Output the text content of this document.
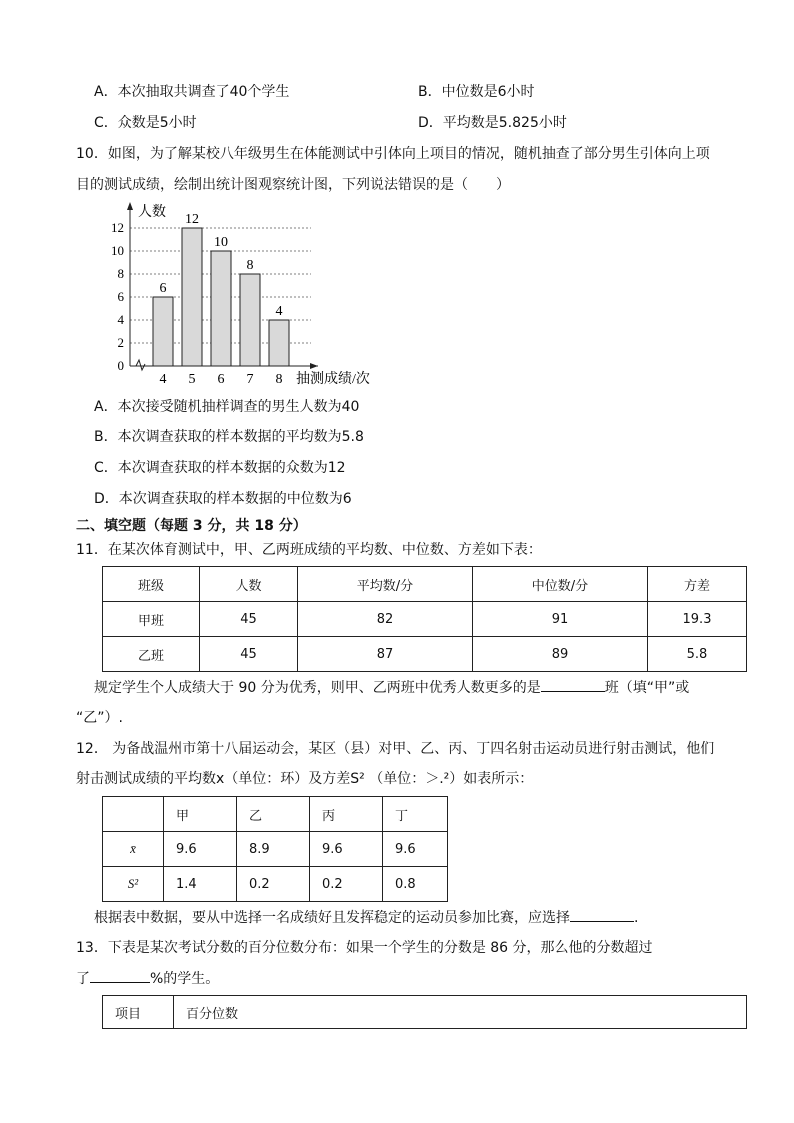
A．本次抽取共调查了40个学生	B．中位数是6小时
C．众数是5小时	D．平均数是5.825小时
10．如图，为了解某校八年级男生在体能测试中引体向上项目的情况，随机抽查了部分男生引体向上项
目的测试成绩，绘制出统计图观察统计图，下列说法错误的是（　　）
0
2
4
6
8
10
12
人数
抽测成绩/次
6
4
12
5
10
6
8
7
4
8
A．本次接受随机抽样调查的男生人数为40
B．本次调查获取的样本数据的平均数为5.8
C．本次调查获取的样本数据的众数为12
D．本次调查获取的样本数据的中位数为6
二、填空题（每题 3 分，共 18 分）
11．在某次体育测试中，甲、乙两班成绩的平均数、中位数、方差如下表：
班级	人数	平均数/分	中位数/分	方差
甲班	45	82	91	19.3
乙班	45	87	89	5.8
规定学生个人成绩大于 90 分为优秀，则甲、乙两班中优秀人数更多的是	班（填“甲”或
“乙”）.
12． 为备战温州市第十八届运动会，某区（县）对甲、乙、丙、丁四名射击运动员进行射击测试，他们
射击测试成绩的平均数x（单位：环）及方差S² （单位：＞.²）如表所示：
	甲	乙	丙	丁
x̄	9.6	8.9	9.6	9.6
S²	1.4	0.2	0.2	0.8
根据表中数据，要从中选择一名成绩好且发挥稳定的运动员参加比赛，应选择	.
13．下表是某次考试分数的百分位数分布：如果一个学生的分数是 86 分，那么他的分数超过
了	%的学生。
项目	百分位数
